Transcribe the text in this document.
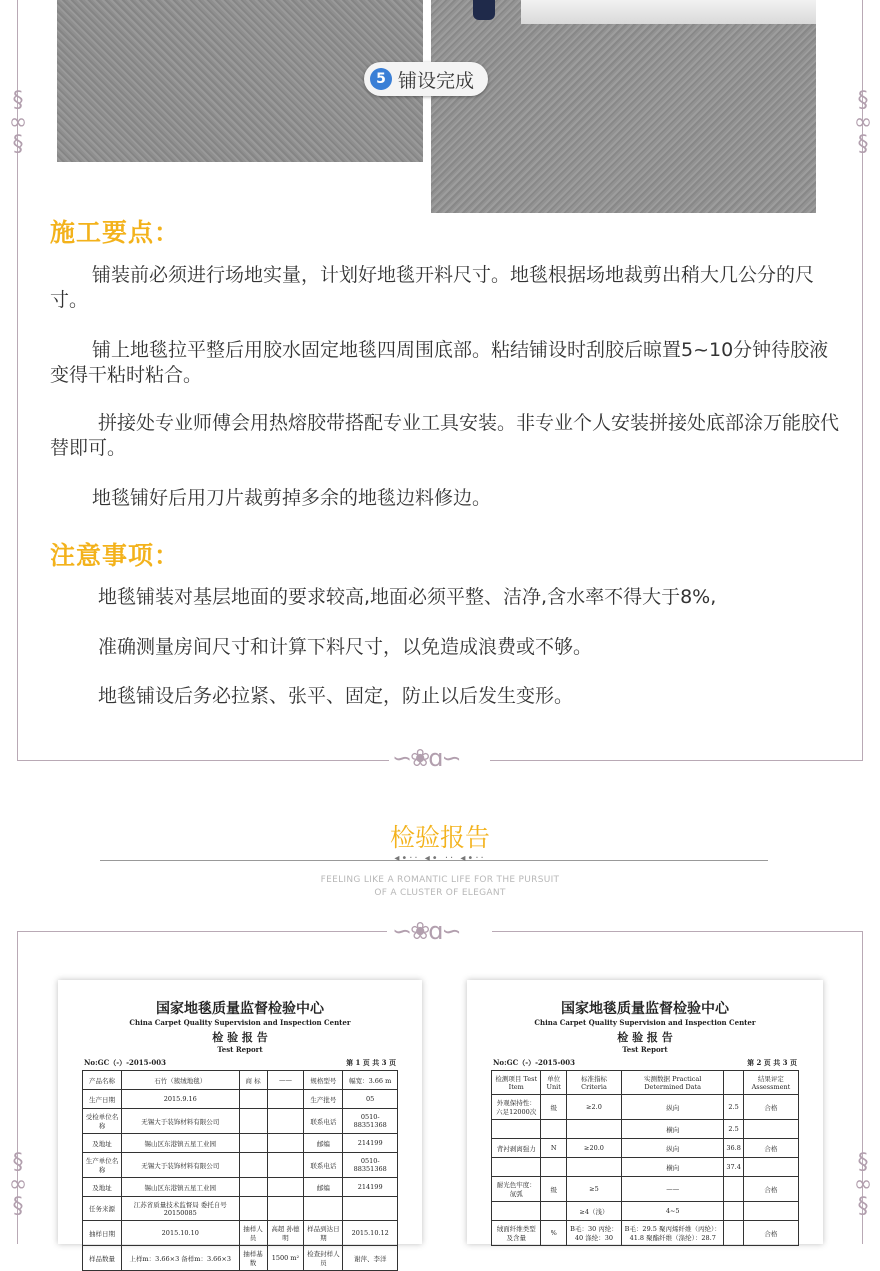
5 铺设完成
§
∞
§
§
∞
§
∽❀ɑ∽
施工要点：
铺装前必须进行场地实量，计划好地毯开料尺寸。地毯根据场地裁剪出稍大几公分的尺寸。
铺上地毯拉平整后用胶水固定地毯四周围底部。粘结铺设时刮胶后晾置5~10分钟待胶液变得干粘时粘合。
拼接处专业师傅会用热熔胶带搭配专业工具安装。非专业个人安装拼接处底部涂万能胶代替即可。
地毯铺好后用刀片裁剪掉多余的地毯边料修边。
注意事项：
地毯铺装对基层地面的要求较高,地面必须平整、洁净,含水率不得大于8%,
准确测量房间尺寸和计算下料尺寸，以免造成浪费或不够。
地毯铺设后务必拉紧、张平、固定，防止以后发生变形。
检验报告
◂•·· ◂• ·· ◂•··
FEELING LIKE A ROMANTIC LIFE FOR THE PURSUIT
OF A CLUSTER OF ELEGANT
∽❀ɑ∽
§
∞
§
§
∞
§
国家地毯质量监督检验中心
China Carpet Quality Supervision and Inspection Center
检 验 报 告
Test Report
No:GC（-）-2015-003	第 1 页 共 3 页
产品名称	石竹（簇绒地毯）	商 标	——	规格型号	幅宽：3.66 m
生产日期	2015.9.16			生产批号	05
受检单位名称	无锡大于装饰材料有限公司			联系电话	0510-88351368
及地址	锡山区东港镇五星工业园			邮编	214199
生产单位名称	无锡大于装饰材料有限公司			联系电话	0510-88351368
及地址	锡山区东港镇五星工业园			邮编	214199
任务来源	江苏省质量技术监督局 委托自号20150085				
抽样日期	2015.10.10	抽样人员	高超 孙德明	样品到达日期	2015.10.12
样品数量	上样m：3.66×3 备样m：3.66×3	抽样基数	1500 m²	检查封样人员	谢萍、李洋
国家地毯质量监督检验中心
China Carpet Quality Supervision and Inspection Center
检 验 报 告
Test Report
No:GC（-）-2015-003	第 2 页 共 3 页
检测项目 Test Item	单位 Unit	标准指标 Criteria	实测数据 Practical Determined Data		结果评定 Assessment
外观保持性：六足12000次	级	≥2.0	纵向	2.5	合格
			横向	2.5	
背衬剥离强力	N	≥20.0	纵向	36.8	合格
			横向	37.4	
耐光色牢度：氙弧	级	≥5	——		合格
		≥4（浅）	4~5		
绒面纤维类型及含量	%	B毛：30 丙纶：40 涤纶：30	B毛：29.5 聚丙烯纤维（丙纶）：41.8 聚酯纤维（涤纶）：28.7		合格
